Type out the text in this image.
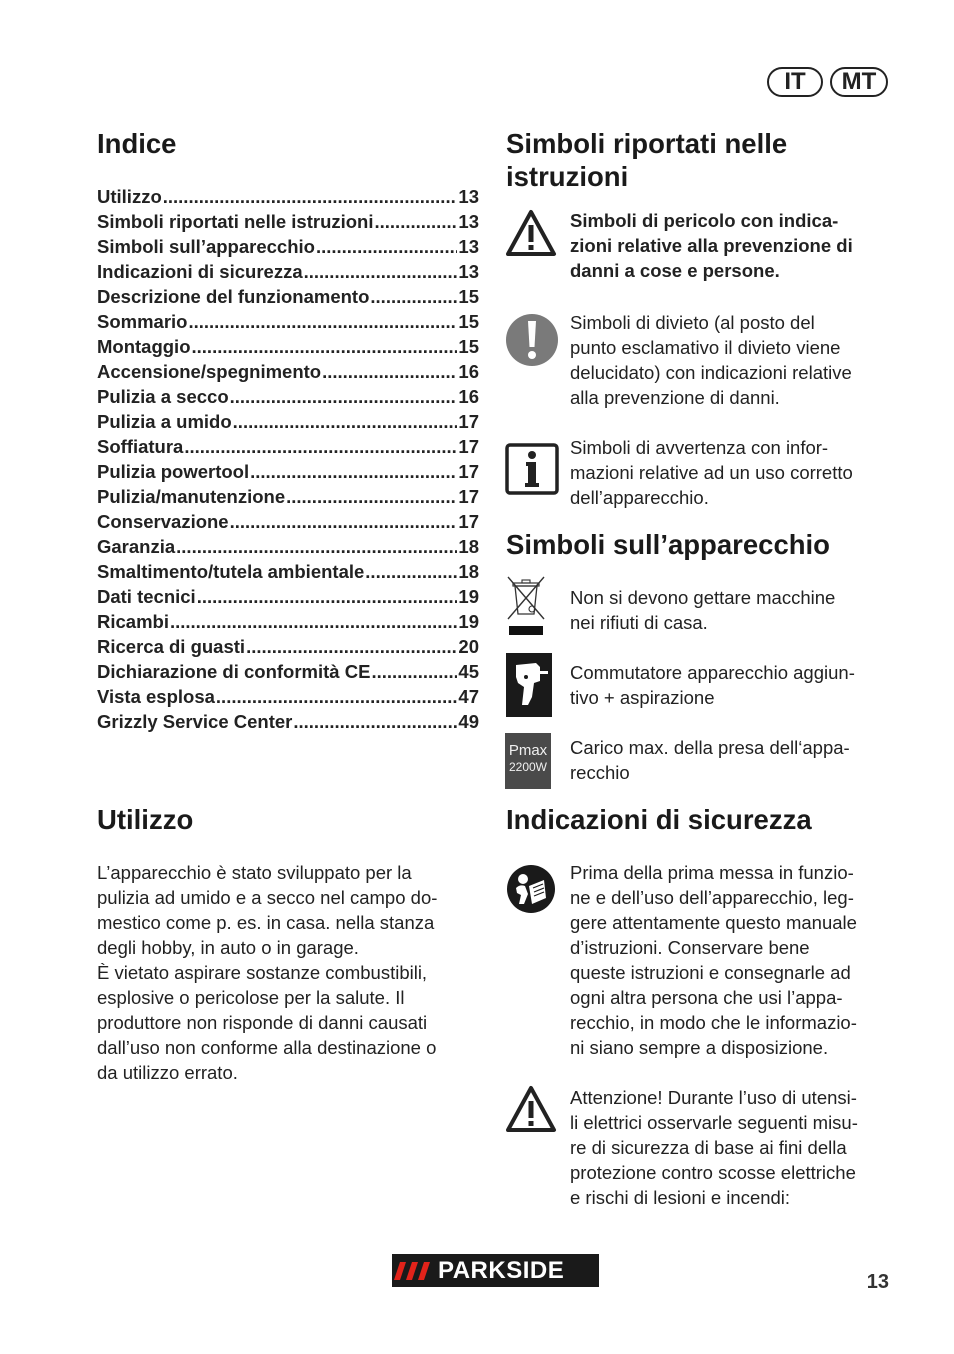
IT	MT
Indice
Utilizzo .....	13
Simboli riportati nelle istruzioni .....	13
Simboli sull’apparecchio .....	13
Indicazioni di sicurezza .....	13
Descrizione del funzionamento .....	15
Sommario .....	15
Montaggio .....	15
Accensione/spegnimento .....	16
Pulizia a secco .....	16
Pulizia a umido .....	17
Soffiatura .....	17
Pulizia powertool .....	17
Pulizia/manutenzione .....	17
Conservazione .....	17
Garanzia .....	18
Smaltimento/tutela ambientale .....	18
Dati tecnici .....	19
Ricambi .....	19
Ricerca di guasti .....	20
Dichiarazione di conformità CE .....	45
Vista esplosa .....	47
Grizzly Service Center .....	49
Utilizzo
L’apparecchio è stato sviluppato per la
pulizia ad umido e a secco nel campo do-
mestico come p. es. in casa. nella stanza
degli hobby, in auto o in garage.
È vietato aspirare sostanze combustibili,
esplosive o pericolose per la salute. Il
produttore non risponde di danni causati
dall’uso non conforme alla destinazione o
da utilizzo errato.
Simboli riportati nelle
istruzioni
Simboli di pericolo con indica-
zioni relative alla prevenzione di
danni a cose e persone.
Simboli di divieto (al posto del
punto esclamativo il divieto viene
delucidato) con indicazioni relative
alla prevenzione di danni.
Simboli di avvertenza con infor-
mazioni relative ad un uso corretto
dell’apparecchio.
Simboli sull’apparecchio
Non si devono gettare macchine
nei rifiuti di casa.
Commutatore apparecchio aggiun-
tivo + aspirazione
Pmax
2200W
Carico max. della presa dell‘appa-
recchio
Indicazioni di sicurezza
Prima della prima messa in funzio-
ne e dell’uso dell’apparecchio, leg-
gere attentamente questo manuale
d’istruzioni. Conservare bene
queste istruzioni e consegnarle ad
ogni altra persona che usi l’appa-
recchio, in modo che le informazio-
ni siano sempre a disposizione.
Attenzione! Durante l’uso di utensi-
li elettrici osservarle seguenti misu-
re di sicurezza di base ai fini della
protezione contro scosse elettriche
e rischi di lesioni e incendi:
PARKSIDE	13
